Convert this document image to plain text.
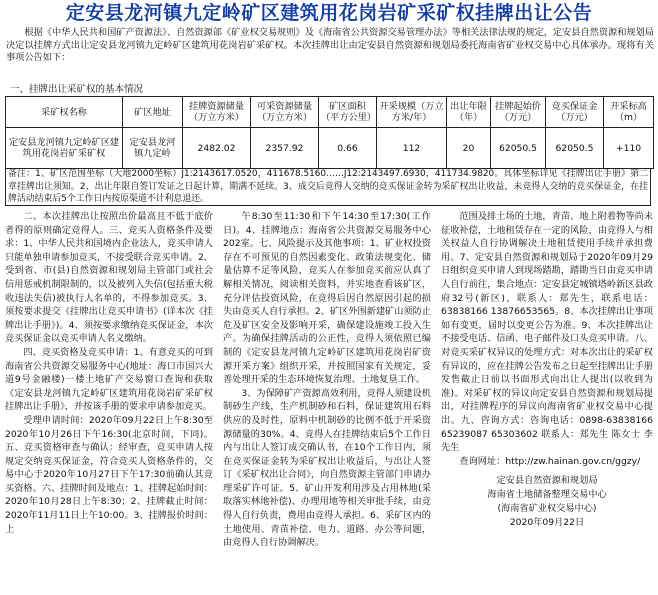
定安县龙河镇九定岭矿区建筑用花岗岩矿采矿权挂牌出让公告
根据《中华人民共和国矿产资源法》、自然资源部《矿业权交易规则》及《海南省公共资源交易管理办法》等相关法律法规的规定，定安县自然资源和规划局决定以挂牌方式出让定安县龙河镇九定岭矿区建筑用花岗岩矿采矿权。本次挂牌出让由定安县自然资源和规划局委托海南省矿业权交易中心具体承办。现将有关事项公告如下：
一、挂牌出让采矿权的基本情况
采矿权名称	矿区地址	挂牌资源储量（万立方米）	可采资源储量（万立方米）	矿区面积（平方公里）	开采规模（万立方米/年）	出让年限（年）	挂牌起始价（万元）	竞买保证金（万元）	开采标高（m）
定安县龙河镇九定岭矿区建筑用花岗岩矿采矿权	定安县龙河镇九定岭	2482.02	2357.92	0.66	112	20	62050.5	62050.5	+110
备注：1、矿区范围坐标（大地2000坐标）J1:2143617.0520，411678.5160……J12:2143497.6930，411734.9820。具体坐标详见《挂牌出让手册》第二章挂牌出让须知。2、出让年限自签订发证之日起计算，期满不延续。3、成交后竞得人交纳的竞买保证金转为采矿权出让收益，未竞得人交纳的竞买保证金，在挂牌活动结束后5个工作日内按原渠道不计利息退还。

二、本次挂牌出让按照出价最高且不低于底价者得的原则确定竞得人。三、竞买人资格条件及要求：1、中华人民共和国境内企业法人，竞买申请人只能单独申请参加竞买，不接受联合竞买申请。2、受到省、市(县)自然资源和规划局主管部门或社会信用惩戒机制限制的，以及被列入失信(包括重大税收违法失信)被执行人名单的，不得参加竞买。3、须按要求提交《挂牌出让竞买申请书》(详本次《挂牌出让手册》)。4、须按要求缴纳竞买保证金，本次竞买保证金以竞买申请人名义缴纳。

四、竞买资格及竞买申请：1、有意竞买的可到海南省公共资源交易服务中心(地址：海口市国兴大道9号金融楼)一楼土地矿产交易窗口查询和获取《定安县龙河镇九定岭矿区建筑用花岗岩矿采矿权挂牌出让手册》，并按该手册的要求申请参加竞买。

受理申请时间：2020年09月22日上午8:30至2020年10月26日下午16:30(北京时间，下同)。五、竞买资格审查与确认：经审查，竞买申请人按规定交纳竞买保证金，符合竞买人资格条件的，交易中心于2020年10月27日下午17:30前确认其竞买资格。六、挂牌时间及地点：1、挂牌起始时间：2020年10月28日上午8:30；2、挂牌截止时间：2020年11月11日上午10:00。3、挂牌报价时间：上

午8:30至11:30和下午14:30至17:30(工作日)。4、挂牌地点：海南省公共资源交易服务中心202室。七、风险提示及其他事项：1、矿业权投资存在不可预见的自然因素变化、政策法规变化、储量估算不足等风险，竞买人在参加竞买前应认真了解相关情况，阅读相关资料，并实地查看该矿区，充分评估投资风险，在竞得后因自然原因引起的损失由竞买人自行承担。2、矿区外围新建矿山须防止危及矿区安全及影响开采，确保建设施竣工投入生产。为确保挂牌活动的公正性，竞得人须依照已编制的《定安县龙河镇九定岭矿区建筑用花岗岩矿资源开采方案》组织开采，并按照国家有关规定，妥善处理开采的生态环境恢复治理、土地复垦工作。

3、为保障矿产资源高效利用，竞得人须建设机制砂生产线，生产机制砂和石料，保证建筑用石料供应的及时性，原料中机制砂的比例不低于开采资源储量的30%。4、竞得人在挂牌结束后5个工作日内与出让人签订成交确认书，在10个工作日内，须在竞买保证金转为采矿权出让收益后，与出让人签订《采矿权出让合同》，向自然资源主管部门申请办理采矿许可证。5、矿山开发利用涉及占用林地(采取落实林地补偿)、办理用地等相关审批手续，由竞得人自行负责，费用由竞得人承担。6、采矿区内的土地使用、青苗补偿、电力、道路、办公等问题，由竞得人自行协调解决。

范围及排土场的土地，青苗、地上附着物等尚未征收补偿，土地租赁存在一定的风险，由竞得人与相关权益人自行协调解决土地租赁使用手续并承担费用。7、定安县自然资源和规划局于2020年09月29日组织竞买申请人到现场踏勘，踏勘当日由竞买申请人自行前往，集合地点：定安县定城镇塔岭新区县政府32号(新区)，联系人：郑先生，联系电话：63838166 13876653565。8、本次挂牌出让事项如有变更，届时以变更公告为准。9、本次挂牌出让不接受电话、信函、电子邮件及口头竞买申请。八、对竞买采矿权异议的处理方式：对本次出让的采矿权有异议的，应在挂牌公告发布之日起至挂牌出让手册发售截止日前以书面形式向出让人提出(以收到为准)。对采矿权的异议向定安县自然资源和规划局提出，对挂牌程序的异议向海南省矿业权交易中心提出。九、咨询方式：咨询电话：0898-63838166 65239087 65303602 联系人：郑先生 陈女士 李先生

查询网址：http://zw.hainan.gov.cn/ggzy/

定安县自然资源和规划局
海南省土地储备整理交易中心
(海南省矿业权交易中心)
2020年09月22日
